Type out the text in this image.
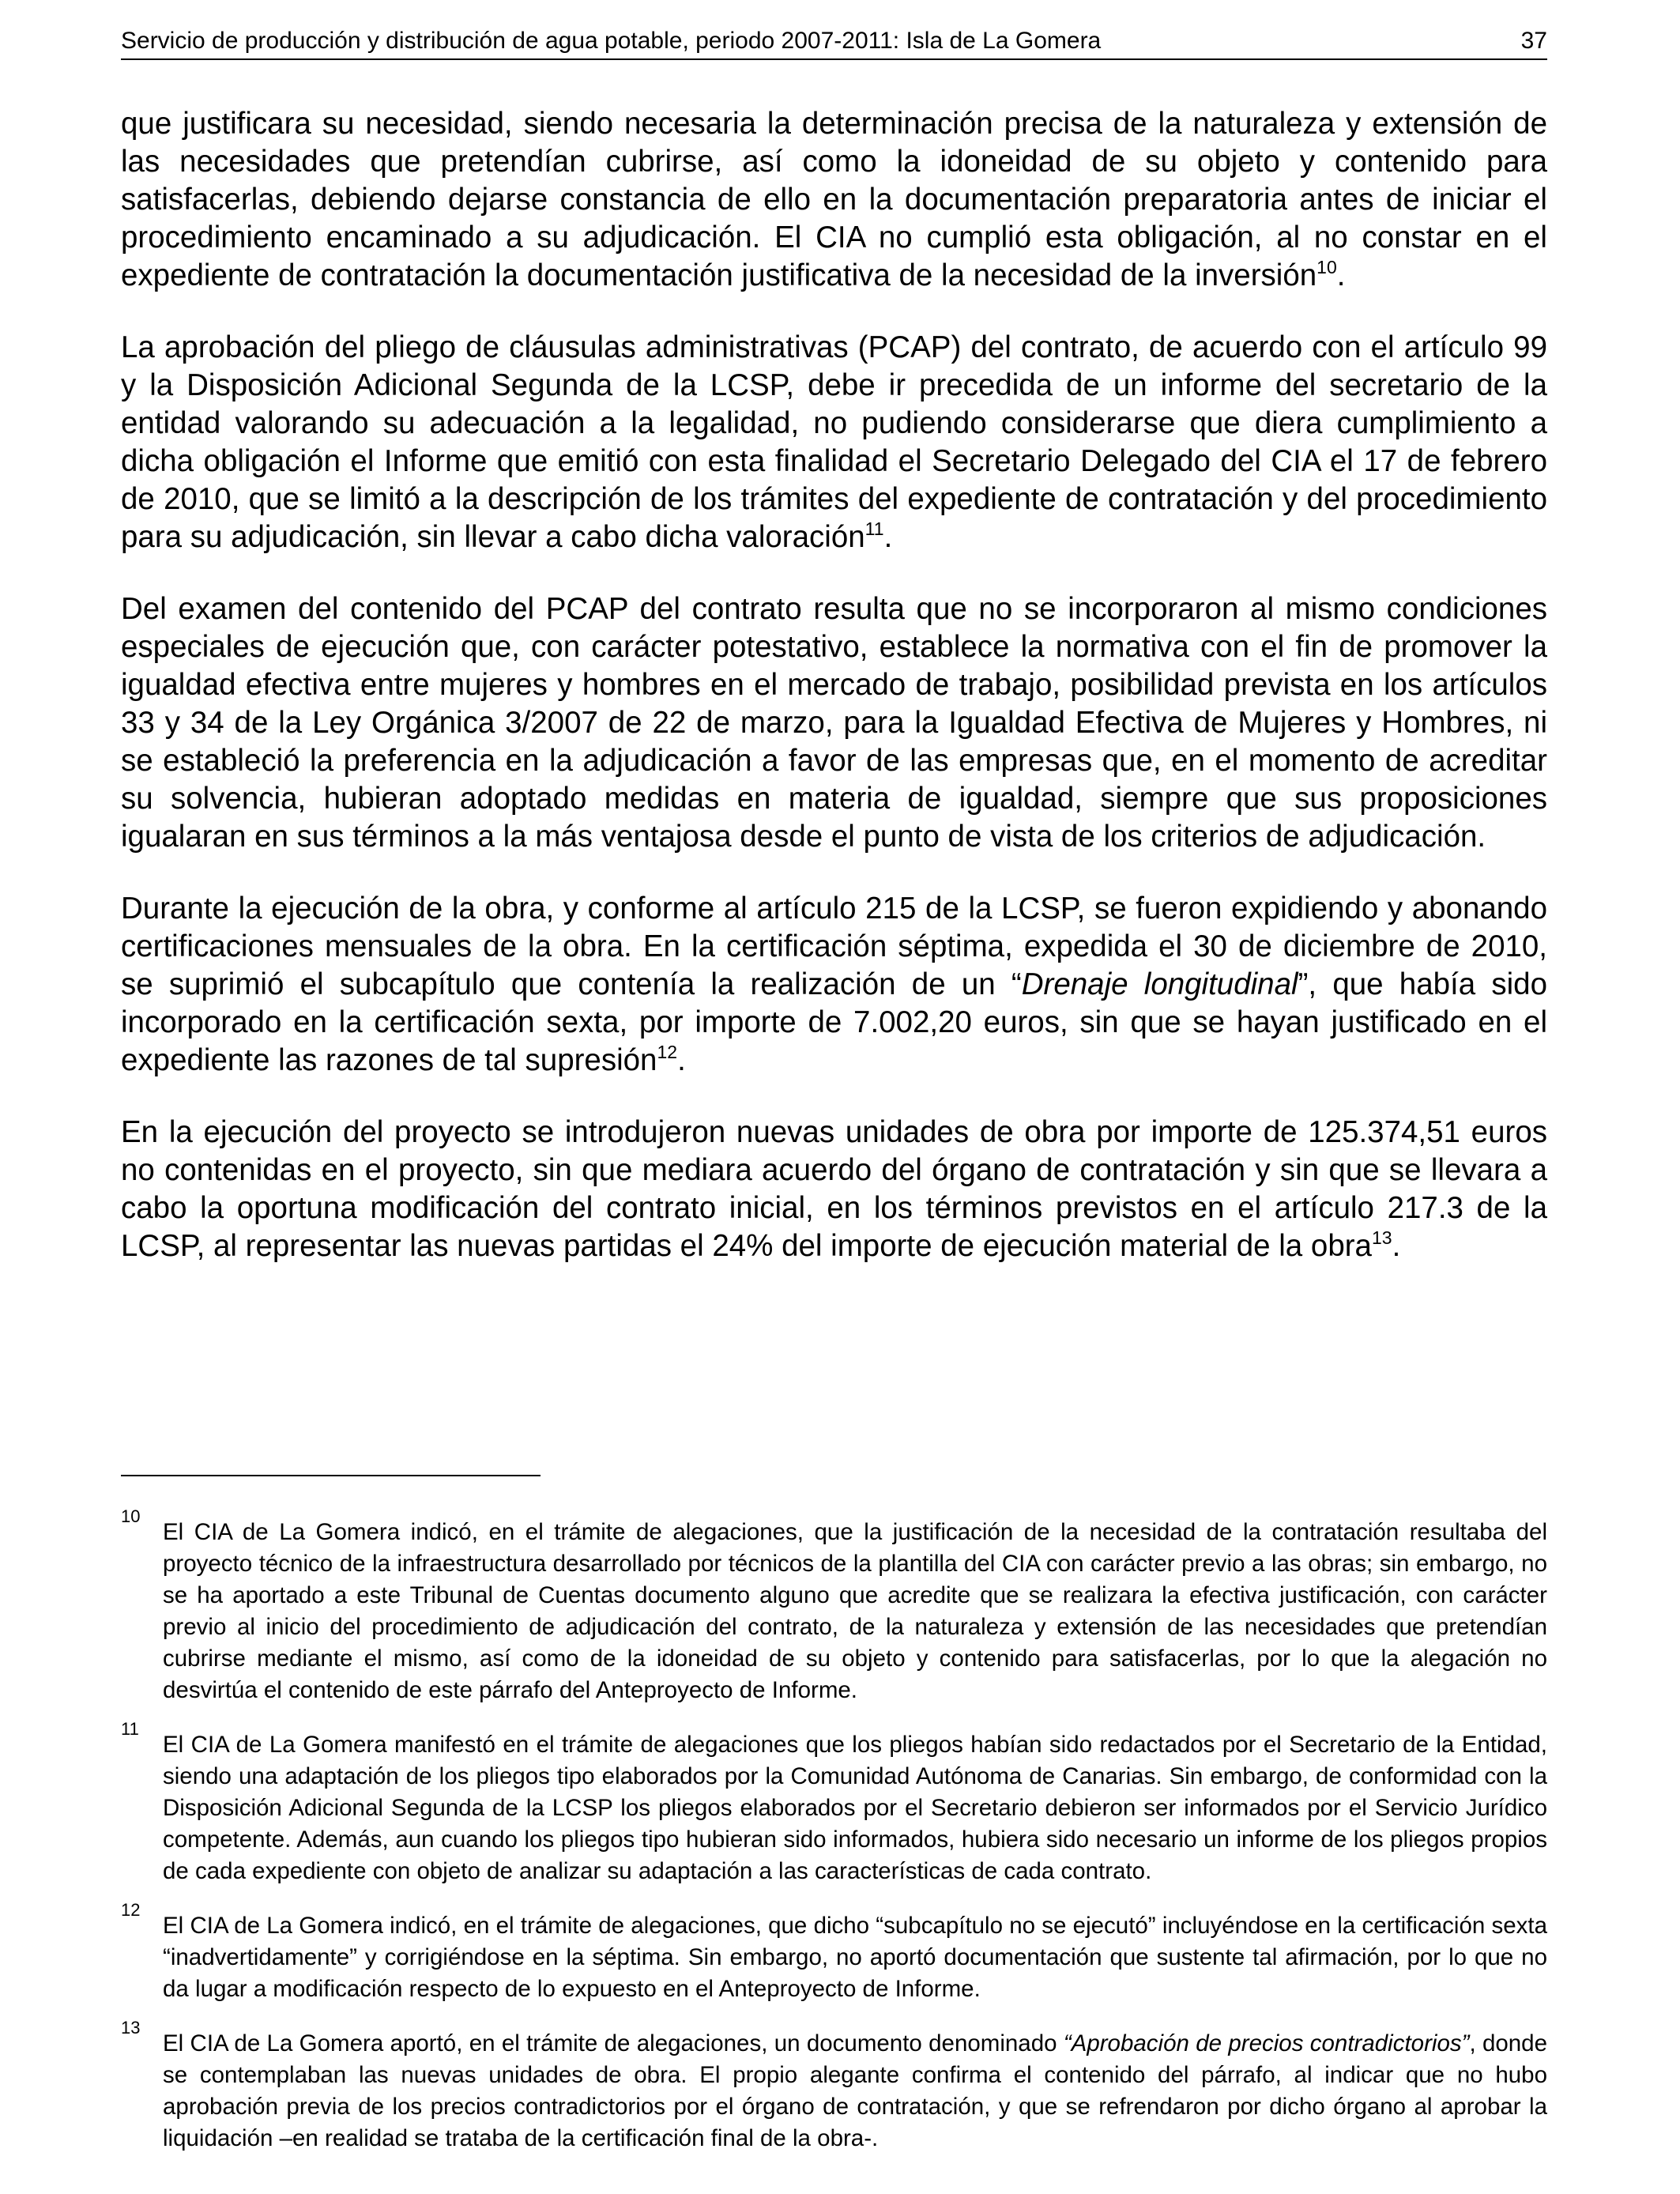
Servicio de producción y distribución de agua potable, periodo 2007-2011: Isla de La Gomera	37

que justificara su necesidad, siendo necesaria la determinación precisa de la naturaleza y extensión de las necesidades que pretendían cubrirse, así como la idoneidad de su objeto y contenido para satisfacerlas, debiendo dejarse constancia de ello en la documentación preparatoria antes de iniciar el procedimiento encaminado a su adjudicación. El CIA no cumplió esta obligación, al no constar en el expediente de contratación la documentación justificativa de la necesidad de la inversión$^{10}$.

La aprobación del pliego de cláusulas administrativas (PCAP) del contrato, de acuerdo con el artículo 99 y la Disposición Adicional Segunda de la LCSP, debe ir precedida de un informe del secretario de la entidad valorando su adecuación a la legalidad, no pudiendo considerarse que diera cumplimiento a dicha obligación el Informe que emitió con esta finalidad el Secretario Delegado del CIA el 17 de febrero de 2010, que se limitó a la descripción de los trámites del expediente de contratación y del procedimiento para su adjudicación, sin llevar a cabo dicha valoración$^{11}$.

Del examen del contenido del PCAP del contrato resulta que no se incorporaron al mismo condiciones especiales de ejecución que, con carácter potestativo, establece la normativa con el fin de promover la igualdad efectiva entre mujeres y hombres en el mercado de trabajo, posibilidad prevista en los artículos 33 y 34 de la Ley Orgánica 3/2007 de 22 de marzo, para la Igualdad Efectiva de Mujeres y Hombres, ni se estableció la preferencia en la adjudicación a favor de las empresas que, en el momento de acreditar su solvencia, hubieran adoptado medidas en materia de igualdad, siempre que sus proposiciones igualaran en sus términos a la más ventajosa desde el punto de vista de los criterios de adjudicación.

Durante la ejecución de la obra, y conforme al artículo 215 de la LCSP, se fueron expidiendo y abonando certificaciones mensuales de la obra. En la certificación séptima, expedida el 30 de diciembre de 2010, se suprimió el subcapítulo que contenía la realización de un “Drenaje longitudinal”, que había sido incorporado en la certificación sexta, por importe de 7.002,20 euros, sin que se hayan justificado en el expediente las razones de tal supresión$^{12}$.

En la ejecución del proyecto se introdujeron nuevas unidades de obra por importe de 125.374,51 euros no contenidas en el proyecto, sin que mediara acuerdo del órgano de contratación y sin que se llevara a cabo la oportuna modificación del contrato inicial, en los términos previstos en el artículo 217.3 de la LCSP, al representar las nuevas partidas el 24% del importe de ejecución material de la obra$^{13}$.

10
El CIA de La Gomera indicó, en el trámite de alegaciones, que la justificación de la necesidad de la contratación resultaba del proyecto técnico de la infraestructura desarrollado por técnicos de la plantilla del CIA con carácter previo a las obras; sin embargo, no se ha aportado a este Tribunal de Cuentas documento alguno que acredite que se realizara la efectiva justificación, con carácter previo al inicio del procedimiento de adjudicación del contrato, de la naturaleza y extensión de las necesidades que pretendían cubrirse mediante el mismo, así como de la idoneidad de su objeto y contenido para satisfacerlas, por lo que la alegación no desvirtúa el contenido de este párrafo del Anteproyecto de Informe.
11
El CIA de La Gomera manifestó en el trámite de alegaciones que los pliegos habían sido redactados por el Secretario de la Entidad, siendo una adaptación de los pliegos tipo elaborados por la Comunidad Autónoma de Canarias. Sin embargo, de conformidad con la Disposición Adicional Segunda de la LCSP los pliegos elaborados por el Secretario debieron ser informados por el Servicio Jurídico competente. Además, aun cuando los pliegos tipo hubieran sido informados, hubiera sido necesario un informe de los pliegos propios de cada expediente con objeto de analizar su adaptación a las características de cada contrato.
12
El CIA de La Gomera indicó, en el trámite de alegaciones, que dicho “subcapítulo no se ejecutó” incluyéndose en la certificación sexta “inadvertidamente” y corrigiéndose en la séptima. Sin embargo, no aportó documentación que sustente tal afirmación, por lo que no da lugar a modificación respecto de lo expuesto en el Anteproyecto de Informe.
13
El CIA de La Gomera aportó, en el trámite de alegaciones, un documento denominado “Aprobación de precios contradictorios”, donde se contemplaban las nuevas unidades de obra. El propio alegante confirma el contenido del párrafo, al indicar que no hubo aprobación previa de los precios contradictorios por el órgano de contratación, y que se refrendaron por dicho órgano al aprobar la liquidación –en realidad se trataba de la certificación final de la obra-.
